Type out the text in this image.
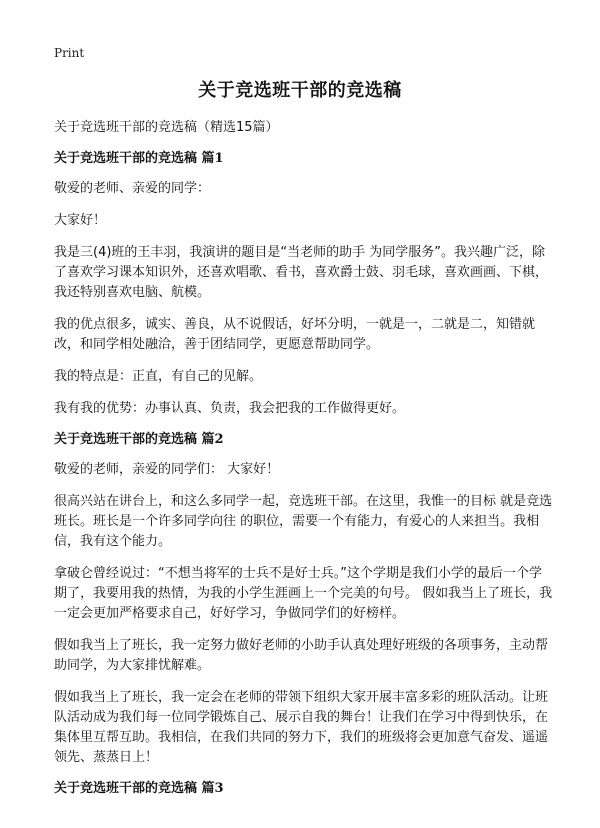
Print
关于竞选班干部的竞选稿

关于竞选班干部的竞选稿（精选15篇）

关于竞选班干部的竞选稿 篇1

敬爱的老师、亲爱的同学：

大家好！

我是三(4)班的王丰羽，我演讲的题目是“当老师的助手 为同学服务”。我兴趣广泛，除了喜欢学习课本知识外，还喜欢唱歌、看书，喜欢爵士鼓、羽毛球，喜欢画画、下棋，我还特别喜欢电脑、航模。

我的优点很多，诚实、善良，从不说假话，好坏分明，一就是一，二就是二，知错就改，和同学相处融洽，善于团结同学，更愿意帮助同学。

我的特点是：正直，有自己的见解。

我有我的优势：办事认真、负责，我会把我的工作做得更好。

关于竞选班干部的竞选稿 篇2

敬爱的老师，亲爱的同学们： 大家好！

很高兴站在讲台上，和这么多同学一起，竞选班干部。在这里，我惟一的目标 就是竞选班长。班长是一个许多同学向往 的职位，需要一个有能力，有爱心的人来担当。我相信，我有这个能力。

拿破仑曾经说过：“不想当将军的士兵不是好士兵。”这个学期是我们小学的最后一个学期了，我要用我的热情，为我的小学生涯画上一个完美的句号。 假如我当上了班长，我一定会更加严格要求自己，好好学习，争做同学们的好榜样。

假如我当上了班长，我一定努力做好老师的小助手认真处理好班级的各项事务，主动帮助同学，为大家排忧解难。

假如我当上了班长，我一定会在老师的带领下组织大家开展丰富多彩的班队活动。让班队活动成为我们每一位同学锻炼自己、展示自我的舞台！让我们在学习中得到快乐，在集体里互帮互助。我相信，在我们共同的努力下，我们的班级将会更加意气奋发、遥遥领先、蒸蒸日上！

关于竞选班干部的竞选稿 篇3
